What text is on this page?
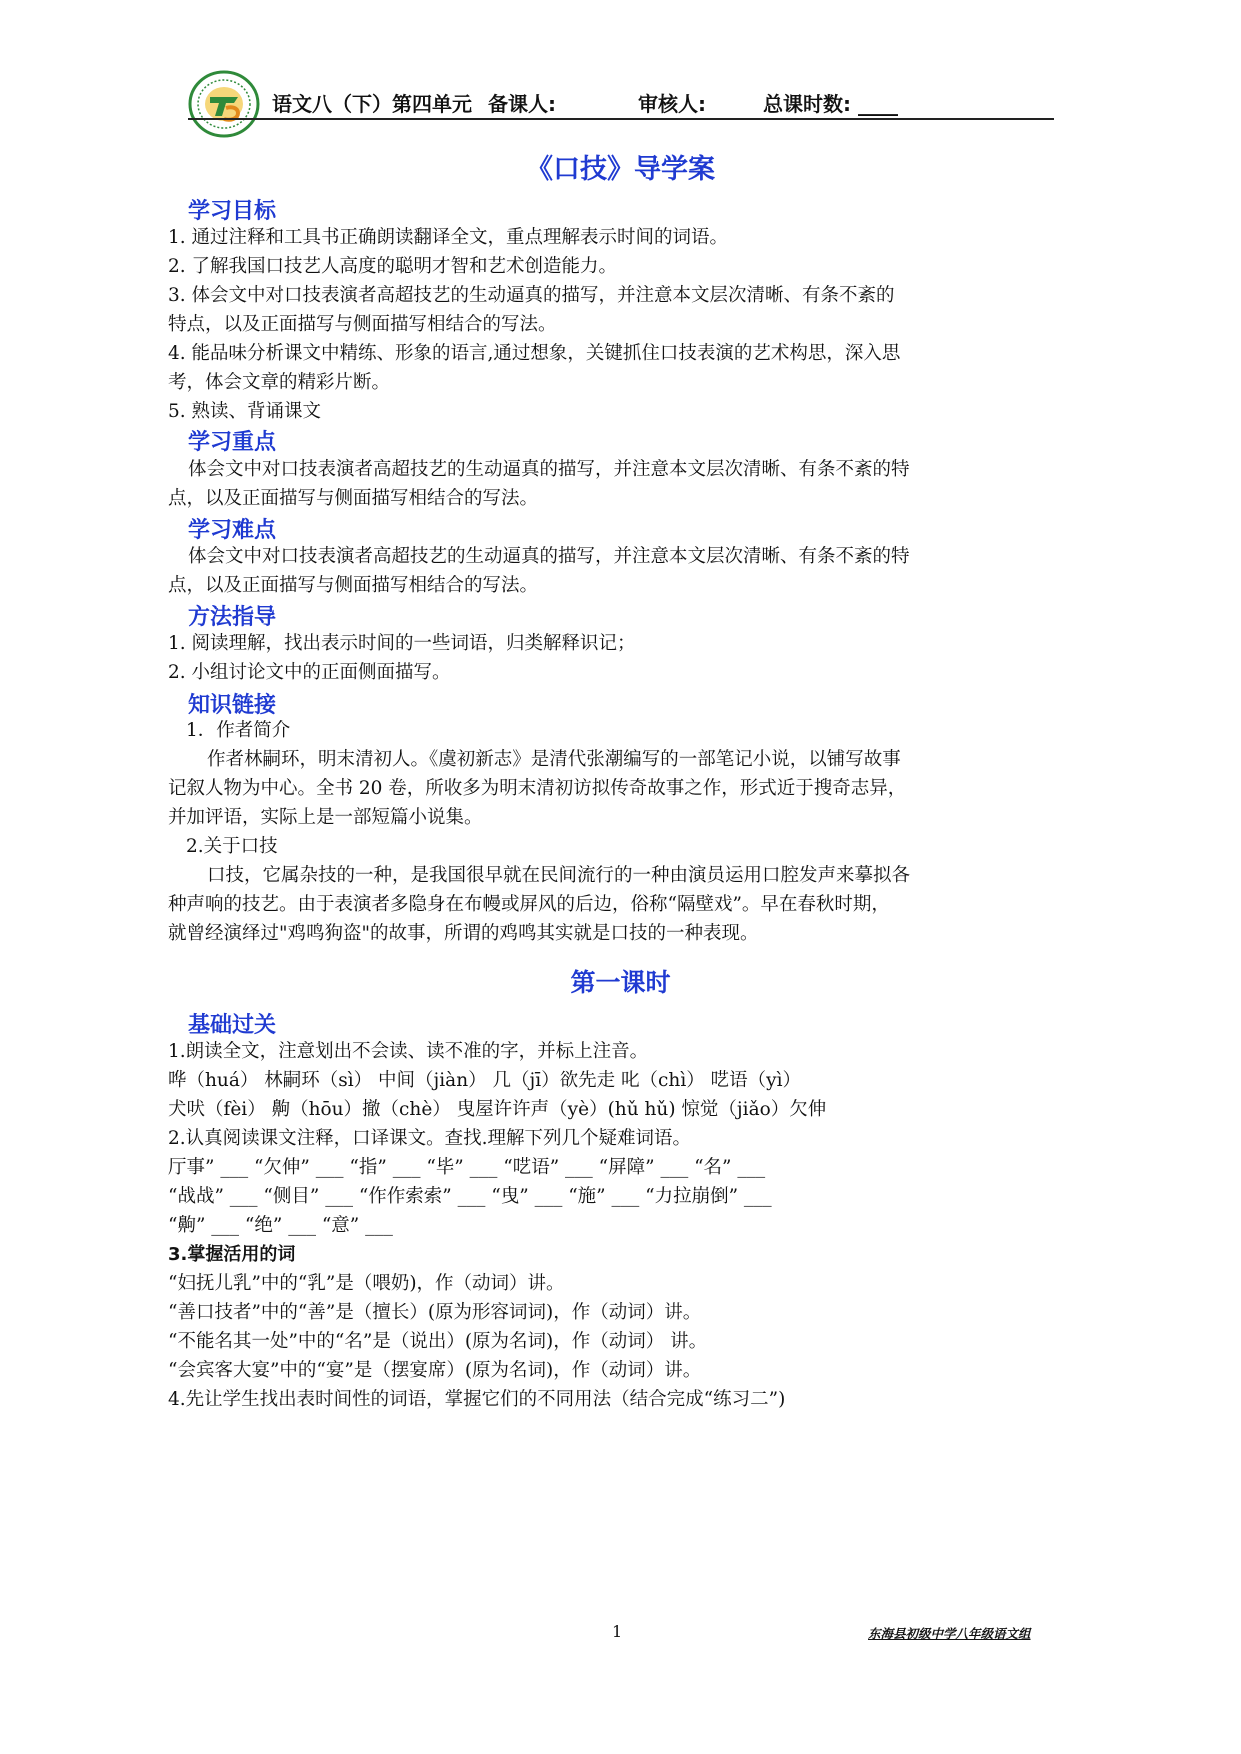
语文八（下）第四单元 备课人:	审核人:	总课时数: ____
《口技》导学案
学习目标
1. 通过注释和工具书正确朗读翻译全文，重点理解表示时间的词语。
2. 了解我国口技艺人高度的聪明才智和艺术创造能力。
3. 体会文中对口技表演者高超技艺的生动逼真的描写，并注意本文层次清晰、有条不紊的
特点，以及正面描写与侧面描写相结合的写法。
4. 能品味分析课文中精练、形象的语言,通过想象，关键抓住口技表演的艺术构思，深入思
考，体会文章的精彩片断。
5. 熟读、背诵课文
学习重点
体会文中对口技表演者高超技艺的生动逼真的描写，并注意本文层次清晰、有条不紊的特
点，以及正面描写与侧面描写相结合的写法。
学习难点
体会文中对口技表演者高超技艺的生动逼真的描写，并注意本文层次清晰、有条不紊的特
点，以及正面描写与侧面描写相结合的写法。
方法指导
1. 阅读理解，找出表示时间的一些词语，归类解释识记；
2. 小组讨论文中的正面侧面描写。
知识链接
1．作者简介
作者林嗣环，明末清初人。《虞初新志》是清代张潮编写的一部笔记小说，以铺写故事
记叙人物为中心。全书 20 卷，所收多为明末清初访拟传奇故事之作，形式近于搜奇志异，
并加评语，实际上是一部短篇小说集。
2.关于口技
口技，它属杂技的一种，是我国很早就在民间流行的一种由演员运用口腔发声来摹拟各
种声响的技艺。由于表演者多隐身在布幔或屏风的后边，俗称“隔壁戏”。早在春秋时期，
就曾经演绎过"鸡鸣狗盗"的故事，所谓的鸡鸣其实就是口技的一种表现。
第一课时
基础过关
1.朗读全文，注意划出不会读、读不准的字，并标上注音。
哗（huá） 林嗣环（sì） 中间（jiàn） 几（jī）欲先走 叱（chì） 呓语（yì）
犬吠（fèi） 齁（hōu）撤（chè） 曳屋许许声（yè）(hǔ hǔ) 惊觉（jiǎo）欠伸
2.认真阅读课文注释，口译课文。查找.理解下列几个疑难词语。
厅事” ___ “欠伸” ___ “指” ___ “毕” ___ “呓语” ___ “屏障” ___ “名” ___
“战战” ___ “侧目” ___ “作作索索” ___ “曳” ___ “施” ___ “力拉崩倒” ___
“齁” ___ “绝” ___ “意” ___
3.掌握活用的词
“妇抚儿乳”中的“乳”是（喂奶)，作（动词）讲。
“善口技者”中的“善”是（擅长）(原为形容词词)，作（动词）讲。
“不能名其一处”中的“名”是（说出）(原为名词)，作（动词） 讲。
“会宾客大宴”中的“宴”是（摆宴席）(原为名词)，作（动词）讲。
4.先让学生找出表时间性的词语，掌握它们的不同用法（结合完成“练习二”)
1	东海县初级中学八年级语文组
